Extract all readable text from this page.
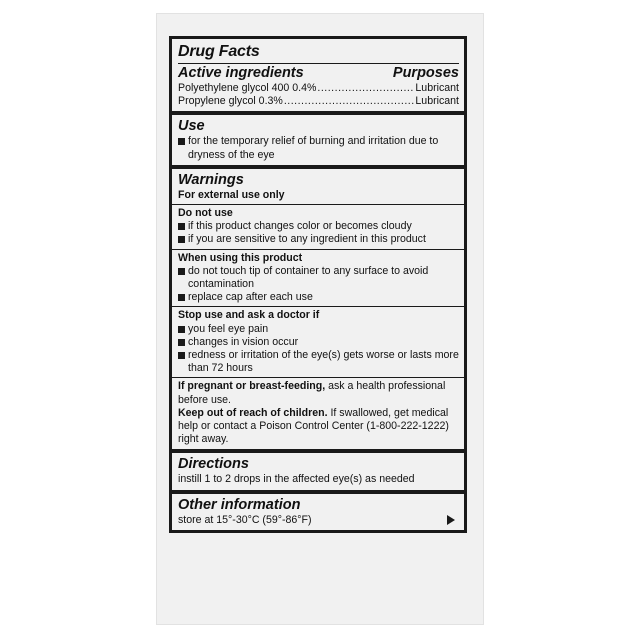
Drug Facts
Active ingredients	Purposes
Polyethylene glycol 400 0.4% .....	Lubricant
Propylene glycol 0.3% .....	Lubricant
Use
for the temporary relief of burning and irritation due to dryness of the eye
Warnings
For external use only
Do not use
if this product changes color or becomes cloudy
if you are sensitive to any ingredient in this product
When using this product
do not touch tip of container to any surface to avoid contamination
replace cap after each use
Stop use and ask a doctor if
you feel eye pain
changes in vision occur
redness or irritation of the eye(s) gets worse or lasts more than 72 hours
If pregnant or breast-feeding, ask a health professional before use.
Keep out of reach of children. If swallowed, get medical help or contact a Poison Control Center (1-800-222-1222) right away.
Directions
instill 1 to 2 drops in the affected eye(s) as needed
Other information
store at 15°-30°C (59°-86°F)
